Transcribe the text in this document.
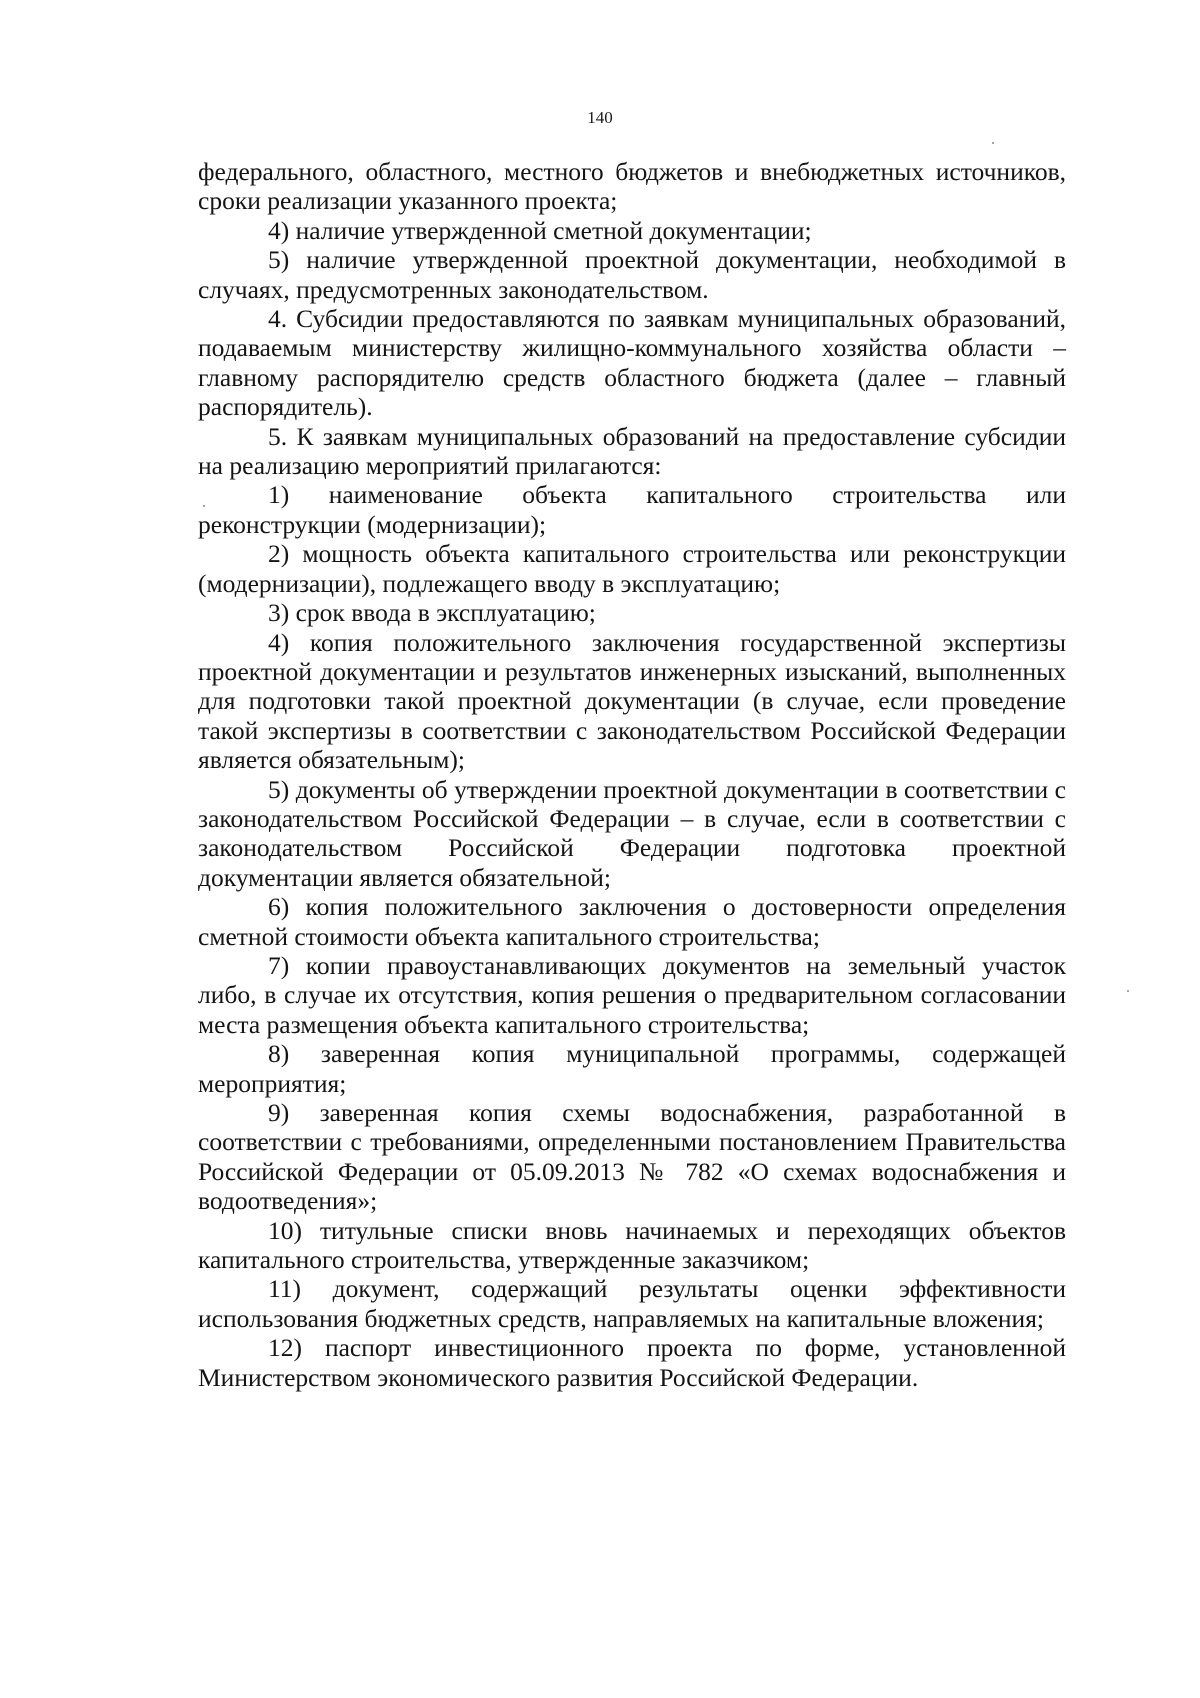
140

федерального, областного, местного бюджетов и внебюджетных источников, сроки реализации указанного проекта;

4) наличие утвержденной сметной документации;

5) наличие утвержденной проектной документации, необходимой в случаях, предусмотренных законодательством.

4. Субсидии предоставляются по заявкам муниципальных образований, подаваемым министерству жилищно-коммунального хозяйства области – главному распорядителю средств областного бюджета (далее – главный распорядитель).

5. К заявкам муниципальных образований на предоставление субсидии на реализацию мероприятий прилагаются:

1) наименование объекта капитального строительства или реконструкции (модернизации);

2) мощность объекта капитального строительства или реконструкции (модернизации), подлежащего вводу в эксплуатацию;

3) срок ввода в эксплуатацию;

4) копия положительного заключения государственной экспертизы проектной документации и результатов инженерных изысканий, выполненных для подготовки такой проектной документации (в случае, если проведение такой экспертизы в соответствии с законодательством Российской Федерации является обязательным);

5) документы об утверждении проектной документации в соответствии с законодательством Российской Федерации – в случае, если в соответствии с законодательством Российской Федерации подготовка проектной документации является обязательной;

6) копия положительного заключения о достоверности определения сметной стоимости объекта капитального строительства;

7) копии правоустанавливающих документов на земельный участок либо, в случае их отсутствия, копия решения о предварительном согласовании места размещения объекта капитального строительства;

8) заверенная копия муниципальной программы, содержащей мероприятия;

9) заверенная копия схемы водоснабжения, разработанной в соответствии с требованиями, определенными постановлением Правительства Российской Федерации от 05.09.2013 № 782 «О схемах водоснабжения и водоотведения»;

10) титульные списки вновь начинаемых и переходящих объектов капитального строительства, утвержденные заказчиком;

11) документ, содержащий результаты оценки эффективности использования бюджетных средств, направляемых на капитальные вложения;

12) паспорт инвестиционного проекта по форме, установленной Министерством экономического развития Российской Федерации.
